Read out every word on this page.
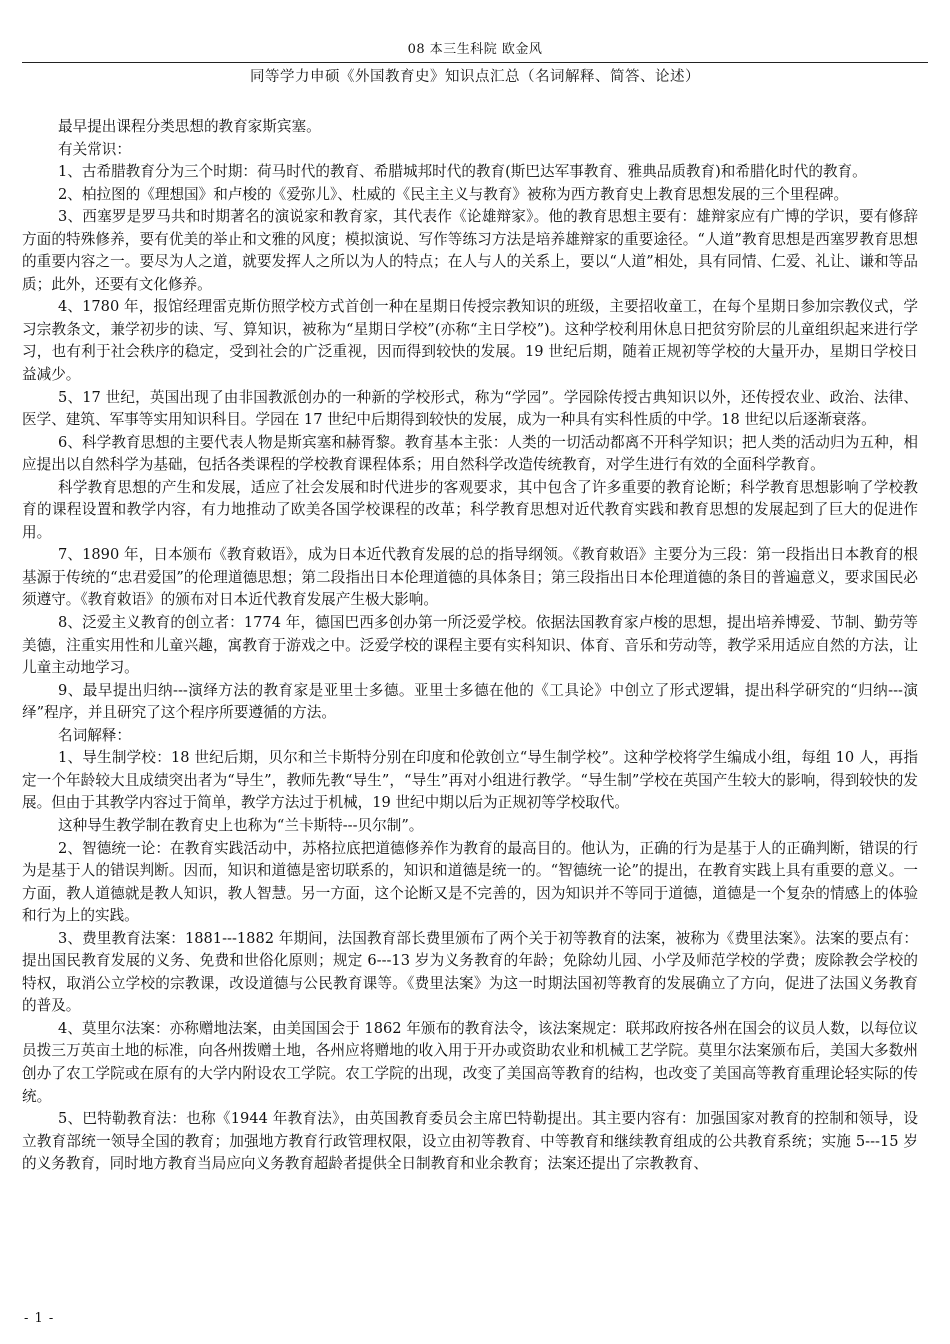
08 本三生科院 欧金风
同等学力申硕《外国教育史》知识点汇总（名词解释、简答、论述）

最早提出课程分类思想的教育家斯宾塞。

有关常识：

1、古希腊教育分为三个时期：荷马时代的教育、希腊城邦时代的教育(斯巴达军事教育、雅典品质教育)和希腊化时代的教育。

2、柏拉图的《理想国》和卢梭的《爱弥儿》、杜威的《民主主义与教育》被称为西方教育史上教育思想发展的三个里程碑。

3、西塞罗是罗马共和时期著名的演说家和教育家，其代表作《论雄辩家》。他的教育思想主要有：雄辩家应有广博的学识，要有修辞方面的特殊修养，要有优美的举止和文雅的风度；模拟演说、写作等练习方法是培养雄辩家的重要途径。“人道”教育思想是西塞罗教育思想的重要内容之一。要尽为人之道，就要发挥人之所以为人的特点；在人与人的关系上，要以“人道”相处，具有同情、仁爱、礼让、谦和等品质；此外，还要有文化修养。

4、1780 年，报馆经理雷克斯仿照学校方式首创一种在星期日传授宗教知识的班级，主要招收童工，在每个星期日参加宗教仪式，学习宗教条文，兼学初步的读、写、算知识，被称为“星期日学校”(亦称“主日学校”)。这种学校利用休息日把贫穷阶层的儿童组织起来进行学习，也有利于社会秩序的稳定，受到社会的广泛重视，因而得到较快的发展。19 世纪后期，随着正规初等学校的大量开办，星期日学校日益减少。

5、17 世纪，英国出现了由非国教派创办的一种新的学校形式，称为“学园”。学园除传授古典知识以外，还传授农业、政治、法律、医学、建筑、军事等实用知识科目。学园在 17 世纪中后期得到较快的发展，成为一种具有实科性质的中学。18 世纪以后逐渐衰落。

6、科学教育思想的主要代表人物是斯宾塞和赫胥黎。教育基本主张：人类的一切活动都离不开科学知识；把人类的活动归为五种，相应提出以自然科学为基础，包括各类课程的学校教育课程体系；用自然科学改造传统教育，对学生进行有效的全面科学教育。

科学教育思想的产生和发展，适应了社会发展和时代进步的客观要求，其中包含了许多重要的教育论断；科学教育思想影响了学校教育的课程设置和教学内容，有力地推动了欧美各国学校课程的改革；科学教育思想对近代教育实践和教育思想的发展起到了巨大的促进作用。

7、1890 年，日本颁布《教育敕语》，成为日本近代教育发展的总的指导纲领。《教育敕语》主要分为三段：第一段指出日本教育的根基源于传统的“忠君爱国”的伦理道德思想；第二段指出日本伦理道德的具体条目；第三段指出日本伦理道德的条目的普遍意义，要求国民必须遵守。《教育敕语》的颁布对日本近代教育发展产生极大影响。

8、泛爱主义教育的创立者：1774 年，德国巴西多创办第一所泛爱学校。依据法国教育家卢梭的思想，提出培养博爱、节制、勤劳等美德，注重实用性和儿童兴趣，寓教育于游戏之中。泛爱学校的课程主要有实科知识、体育、音乐和劳动等，教学采用适应自然的方法，让儿童主动地学习。

9、最早提出归纳---演绎方法的教育家是亚里士多德。亚里士多德在他的《工具论》中创立了形式逻辑，提出科学研究的“归纳---演绎”程序，并且研究了这个程序所要遵循的方法。

名词解释：

1、导生制学校：18 世纪后期，贝尔和兰卡斯特分别在印度和伦敦创立“导生制学校”。这种学校将学生编成小组，每组 10 人，再指定一个年龄较大且成绩突出者为“导生”，教师先教“导生”，“导生”再对小组进行教学。“导生制”学校在英国产生较大的影响，得到较快的发展。但由于其教学内容过于简单，教学方法过于机械，19 世纪中期以后为正规初等学校取代。

这种导生教学制在教育史上也称为“兰卡斯特---贝尔制”。

2、智德统一论：在教育实践活动中，苏格拉底把道德修养作为教育的最高目的。他认为，正确的行为是基于人的正确判断，错误的行为是基于人的错误判断。因而，知识和道德是密切联系的，知识和道德是统一的。“智德统一论”的提出，在教育实践上具有重要的意义。一方面，教人道德就是教人知识，教人智慧。另一方面，这个论断又是不完善的，因为知识并不等同于道德，道德是一个复杂的情感上的体验和行为上的实践。

3、费里教育法案：1881---1882 年期间，法国教育部长费里颁布了两个关于初等教育的法案，被称为《费里法案》。法案的要点有：提出国民教育发展的义务、免费和世俗化原则；规定 6---13 岁为义务教育的年龄；免除幼儿园、小学及师范学校的学费；废除教会学校的特权，取消公立学校的宗教课，改设道德与公民教育课等。《费里法案》为这一时期法国初等教育的发展确立了方向，促进了法国义务教育的普及。

4、莫里尔法案：亦称赠地法案，由美国国会于 1862 年颁布的教育法令，该法案规定：联邦政府按各州在国会的议员人数，以每位议员拨三万英亩土地的标准，向各州拨赠土地，各州应将赠地的收入用于开办或资助农业和机械工艺学院。莫里尔法案颁布后，美国大多数州创办了农工学院或在原有的大学内附设农工学院。农工学院的出现，改变了美国高等教育的结构，也改变了美国高等教育重理论轻实际的传统。

5、巴特勒教育法：也称《1944 年教育法》，由英国教育委员会主席巴特勒提出。其主要内容有：加强国家对教育的控制和领导，设立教育部统一领导全国的教育；加强地方教育行政管理权限，设立由初等教育、中等教育和继续教育组成的公共教育系统；实施 5---15 岁的义务教育，同时地方教育当局应向义务教育超龄者提供全日制教育和业余教育；法案还提出了宗教教育、

- 1 -
